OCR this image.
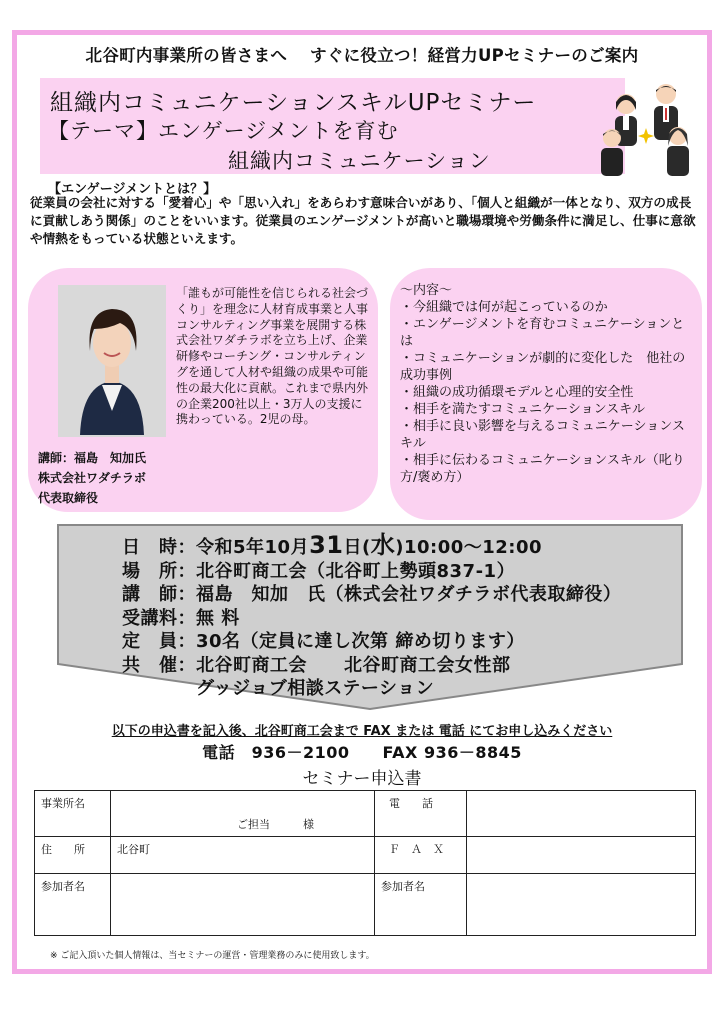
北谷町内事業所の皆さまへ　 すぐに役立つ！経営力UPセミナーのご案内
組織内コミュニケーションスキルUPセミナー
【テーマ】エンゲージメントを育む
組織内コミュニケーション
【エンゲージメントとは？】
従業員の会社に対する「愛着心」や「思い入れ」をあらわす意味合いがあり、「個人と組織が一体となり、双方の成長に貢献しあう関係」のことをいいます。従業員のエンゲージメントが高いと職場環境や労働条件に満足し、仕事に意欲や情熱をもっている状態といえます。
「誰もが可能性を信じられる社会づくり」を理念に人材育成事業と人事コンサルティング事業を展開する株式会社ワダチラボを立ち上げ、企業研修やコーチング・コンサルティングを通して人材や組織の成果や可能性の最大化に貢献。これまで県内外の企業200社以上・3万人の支援に携わっている。2児の母。
講師：福島　知加氏
株式会社ワダチラボ
代表取締役
～内容～
・今組織では何が起こっているのか
・エンゲージメントを育むコミュニケーションとは
・コミュニケーションが劇的に変化した　他社の成功事例
・組織の成功循環モデルと心理的安全性
・相手を満たすコミュニケーションスキル
・相手に良い影響を与えるコミュニケーションスキル
・相手に伝わるコミュニケーションスキル（叱り方/褒め方）
日　時：令和5年10月31日(水)10:00～12:00
場　所：北谷町商工会（北谷町上勢頭837-1）
講　師：福島　知加　氏（株式会社ワダチラボ代表取締役）
受講料：無 料
定　員：30名（定員に達し次第 締め切ります）
共　催：北谷町商工会　　北谷町商工会女性部
グッジョブ相談ステーション
以下の申込書を記入後、北谷町商工会まで FAX または 電話 にてお申し込みください
電話　936－2100　　FAX 936－8845
セミナー申込書
事業所名	ご担当　　　様	電　　話	
住　　所	北谷町	Ｆ　Ａ　Ｘ	
参加者名		参加者名	
※ ご記入頂いた個人情報は、当セミナーの運営・管理業務のみに使用致します。
